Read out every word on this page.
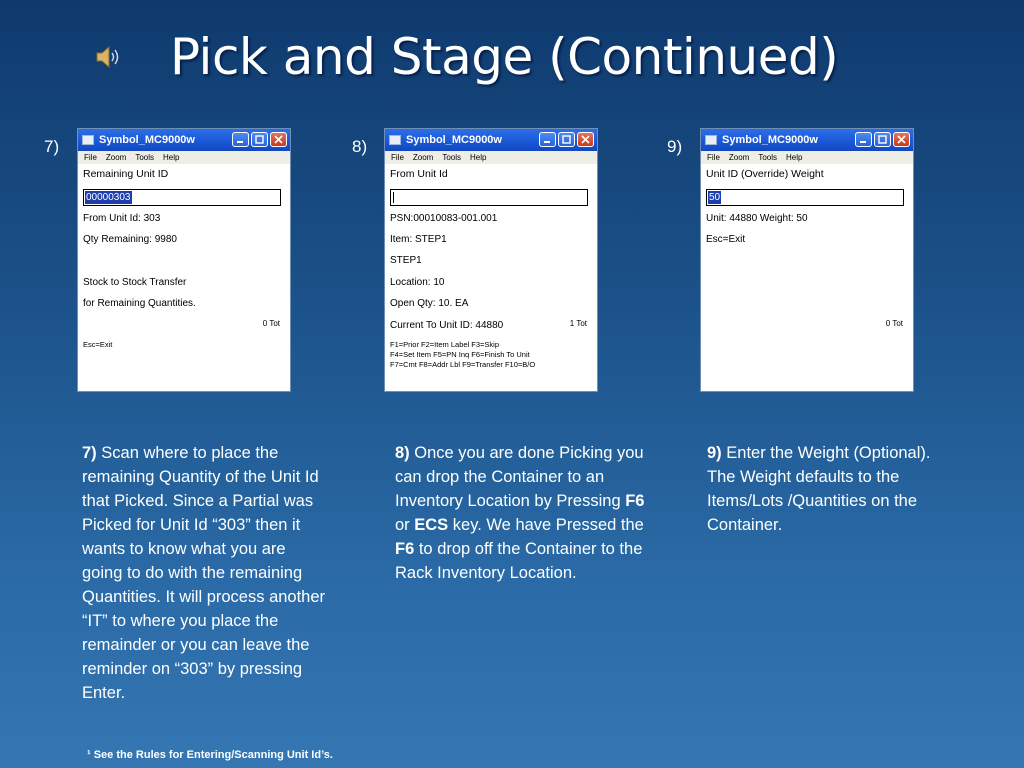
Pick and Stage (Continued)
7)	8)	9)
Symbol_MC9000w
File Zoom Tools Help
Remaining Unit ID
00000303
From Unit Id: 303
Qty Remaining: 9980
Stock to Stock Transfer
for Remaining Quantities.
0 Tot
Esc=Exit
Symbol_MC9000w
File Zoom Tools Help
From Unit Id
PSN:00010083-001.001
Item: STEP1
STEP1
Location: 10
Open Qty: 10. EA
Current To Unit ID: 44880	1 Tot
F1=Prior F2=Item Label F3=Skip
F4=Set Item F5=PN Inq F6=Finish To Unit
F7=Cmt F8=Addr Lbl F9=Transfer F10=B/O
Symbol_MC9000w
File Zoom Tools Help
Unit ID (Override) Weight
50
Unit: 44880 Weight: 50
Esc=Exit
0 Tot
7) Scan where to place the remaining Quantity of the Unit Id that Picked. Since a Partial was Picked for Unit Id “303” then it wants to know what you are going to do with the remaining Quantities. It will process another “IT” to where you place the remainder or you can leave the reminder on “303” by pressing Enter.
8) Once you are done Picking you can drop the Container to an Inventory Location by Pressing F6 or ECS key. We have Pressed the F6 to drop off the Container to the Rack Inventory Location.
9) Enter the Weight (Optional). The Weight defaults to the Items/Lots /Quantities on the Container.
¹ See the Rules for Entering/Scanning Unit Id’s.
